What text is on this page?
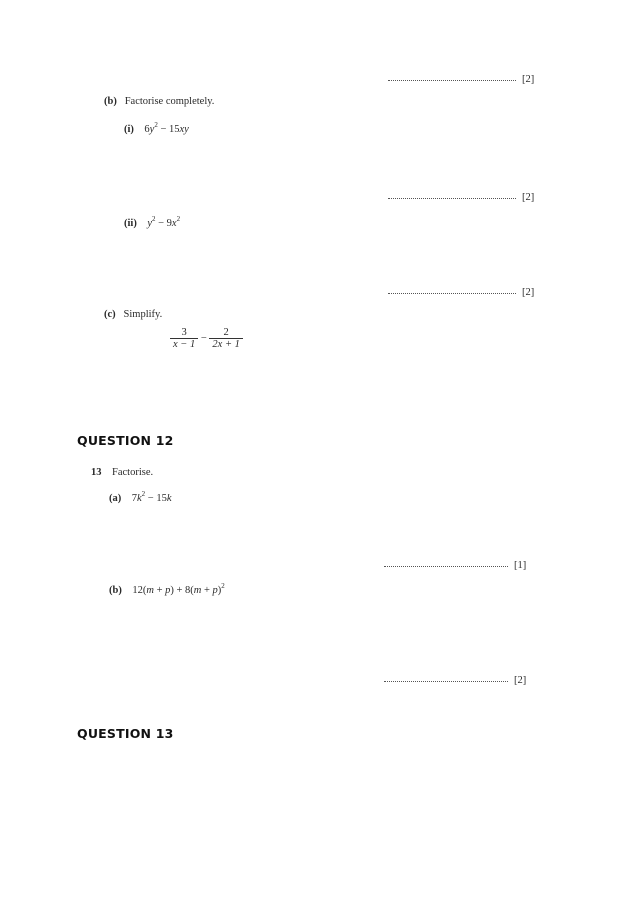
[2]
(b) Factorise completely.
(i) $6y^2 - 15xy$
[2]
(ii) $y^2 - 9x^2$
[2]
(c) Simplify.
$\frac{3}{x - 1} - \frac{2}{2x + 1}$
QUESTION 12
13 Factorise.
(a) $7k^2 - 15k$
[1]
(b) $12(m + p) + 8(m + p)^2$
[2]
QUESTION 13
